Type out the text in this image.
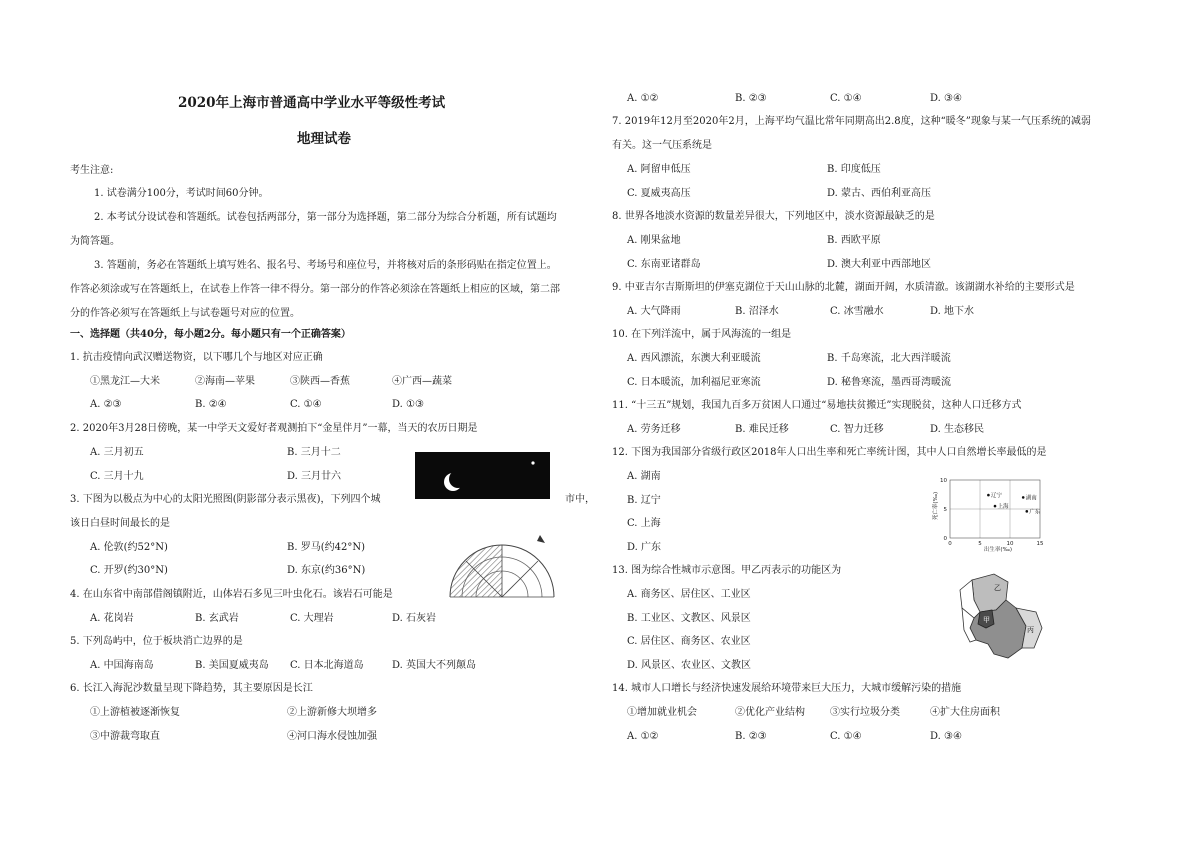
2020年上海市普通高中学业水平等级性考试
地理试卷
考生注意:
1. 试卷满分100分，考试时间60分钟。
2. 本考试分设试卷和答题纸。试卷包括两部分，第一部分为选择题，第二部分为综合分析题，所有试题均
为简答题。
3. 答题前，务必在答题纸上填写姓名、报名号、考场号和座位号，并将核对后的条形码贴在指定位置上。
作答必须涂或写在答题纸上，在试卷上作答一律不得分。第一部分的作答必须涂在答题纸上相应的区域，第二部
分的作答必须写在答题纸上与试卷题号对应的位置。
一、选择题（共40分，每小题2分。每小题只有一个正确答案）
1. 抗击疫情向武汉赠送物资，以下哪几个与地区对应正确
①黑龙江—大米	②海南—苹果	③陕西—香蕉	④广西—蔬菜
A. ②③	B. ②④	C. ①④	D. ①③
2. 2020年3月28日傍晚，某一中学天文爱好者观测拍下“金星伴月”一幕，当天的农历日期是
A. 三月初五	B. 三月十二
C. 三月十九	D. 三月廿六
3. 下图为以极点为中心的太阳光照图(阴影部分表示黑夜)，下列四个城	市中，
该日白昼时间最长的是
A. 伦敦(约52°N)	B. 罗马(约42°N)
C. 开罗(约30°N)	D. 东京(约36°N)
4. 在山东省中南部借阁镇附近，山体岩石多见三叶虫化石。该岩石可能是
A. 花岗岩	B. 玄武岩	C. 大理岩	D. 石灰岩
5. 下列岛屿中，位于板块消亡边界的是
A. 中国海南岛	B. 美国夏威夷岛 C. 日本北海道岛	D. 英国大不列颠岛
6. 长江入海泥沙数量呈现下降趋势，其主要原因是长江
①上游植被逐渐恢复	②上游新修大坝增多
③中游裁弯取直	④河口海水侵蚀加强
A. ①②	B. ②③	C. ①④	D. ③④
7. 2019年12月至2020年2月，上海平均气温比常年同期高出2.8度，这种“暖冬”现象与某一气压系统的减弱
有关。这一气压系统是
A. 阿留申低压	B. 印度低压
C. 夏威夷高压	D. 蒙古、西伯利亚高压
8. 世界各地淡水资源的数量差异很大，下列地区中，淡水资源最缺乏的是
A. 刚果盆地	B. 西欧平原
C. 东南亚诸群岛	D. 澳大利亚中西部地区
9. 中亚吉尔吉斯斯坦的伊塞克湖位于天山山脉的北麓，湖面开阔，水质清澈。该湖湖水补给的主要形式是
A. 大气降雨	B. 沼泽水	C. 冰雪融水	D. 地下水
10. 在下列洋流中，属于风海流的一组是
A. 西风漂流，东澳大利亚暖流	B. 千岛寒流，北大西洋暖流
C. 日本暖流，加利福尼亚寒流	D. 秘鲁寒流，墨西哥湾暖流
11. “十三五”规划，我国九百多万贫困人口通过“易地扶贫搬迁”实现脱贫，这种人口迁移方式
A. 劳务迁移	B. 难民迁移	C. 智力迁移	D. 生态移民
12. 下图为我国部分省级行政区2018年人口出生率和死亡率统计图，其中人口自然增长率最低的是
A. 湖南
B. 辽宁
C. 上海
D. 广东
10
5
0
0	5	10	15
辽宁
上海
湖南
广东
死亡率(‰)
出生率(‰)
13. 图为综合性城市示意图。甲乙丙表示的功能区为
A. 商务区、居住区、工业区
B. 工业区、文教区、风景区
C. 居住区、商务区、农业区
D. 风景区、农业区、文教区
乙
甲
丙
14. 城市人口增长与经济快速发展给环境带来巨大压力，大城市缓解污染的措施
①增加就业机会	②优化产业结构	③实行垃圾分类	④扩大住房面积
A. ①②	B. ②③	C. ①④	D. ③④
